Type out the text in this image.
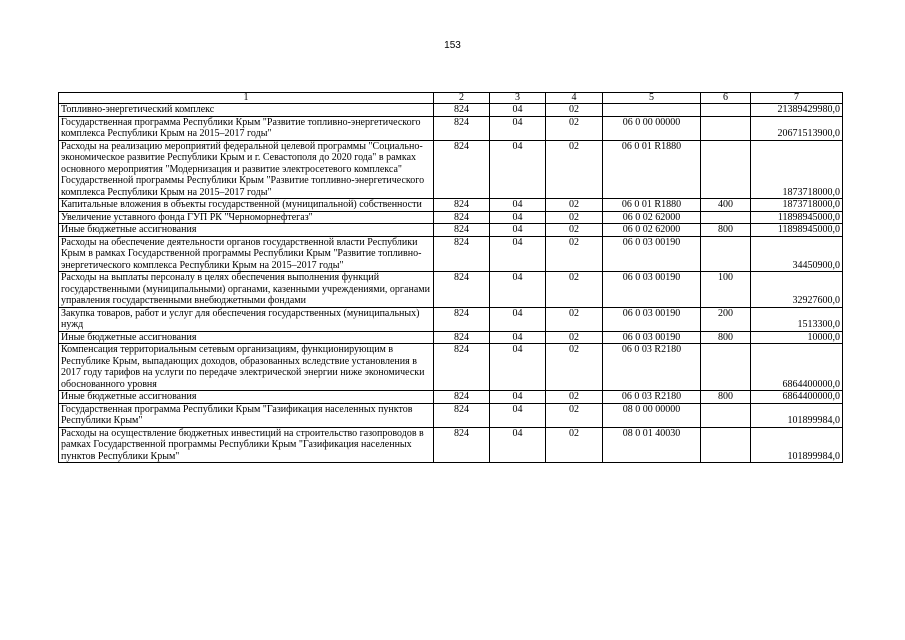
153
1	2	3	4	5	6	7
Топливно-энергетический комплекс	824	04	02			21389429980,0
Государственная программа Республики Крым "Развитие топливно-энергетического комплекса Республики Крым на 2015–2017 годы"	824	04	02	06 0 00 00000		20671513900,0
Расходы на реализацию мероприятий федеральной целевой программы "Социально-экономическое развитие Республики Крым и г. Севастополя до 2020 года" в рамках основного мероприятия "Модернизация и развитие электросетевого комплекса" Государственной программы Республики Крым "Развитие топливно-энергетического комплекса Республики Крым на 2015–2017 годы"	824	04	02	06 0 01 R1880		1873718000,0
Капитальные вложения в объекты государственной (муниципальной) собственности	824	04	02	06 0 01 R1880	400	1873718000,0
Увеличение уставного фонда ГУП РК "Черноморнефтегаз"	824	04	02	06 0 02 62000		11898945000,0
Иные бюджетные ассигнования	824	04	02	06 0 02 62000	800	11898945000,0
Расходы на обеспечение деятельности органов государственной власти Республики Крым в рамках Государственной программы Республики Крым "Развитие топливно-энергетического комплекса Республики Крым на 2015–2017 годы"	824	04	02	06 0 03 00190		34450900,0
Расходы на выплаты персоналу в целях обеспечения выполнения функций государственными (муниципальными) органами, казенными учреждениями, органами управления государственными внебюджетными фондами	824	04	02	06 0 03 00190	100	32927600,0
Закупка товаров, работ и услуг для обеспечения государственных (муниципальных) нужд	824	04	02	06 0 03 00190	200	1513300,0
Иные бюджетные ассигнования	824	04	02	06 0 03 00190	800	10000,0
Компенсация территориальным сетевым организациям, функционирующим в Республике Крым, выпадающих доходов, образованных вследствие установления в 2017 году тарифов на услуги по передаче электрической энергии ниже экономически обоснованного уровня	824	04	02	06 0 03 R2180		6864400000,0
Иные бюджетные ассигнования	824	04	02	06 0 03 R2180	800	6864400000,0
Государственная программа Республики Крым "Газификация населенных пунктов Республики Крым"	824	04	02	08 0 00 00000		101899984,0
Расходы на осуществление бюджетных инвестиций на строительство газопроводов в рамках Государственной программы Республики Крым "Газификация населенных пунктов Республики Крым"	824	04	02	08 0 01 40030		101899984,0
